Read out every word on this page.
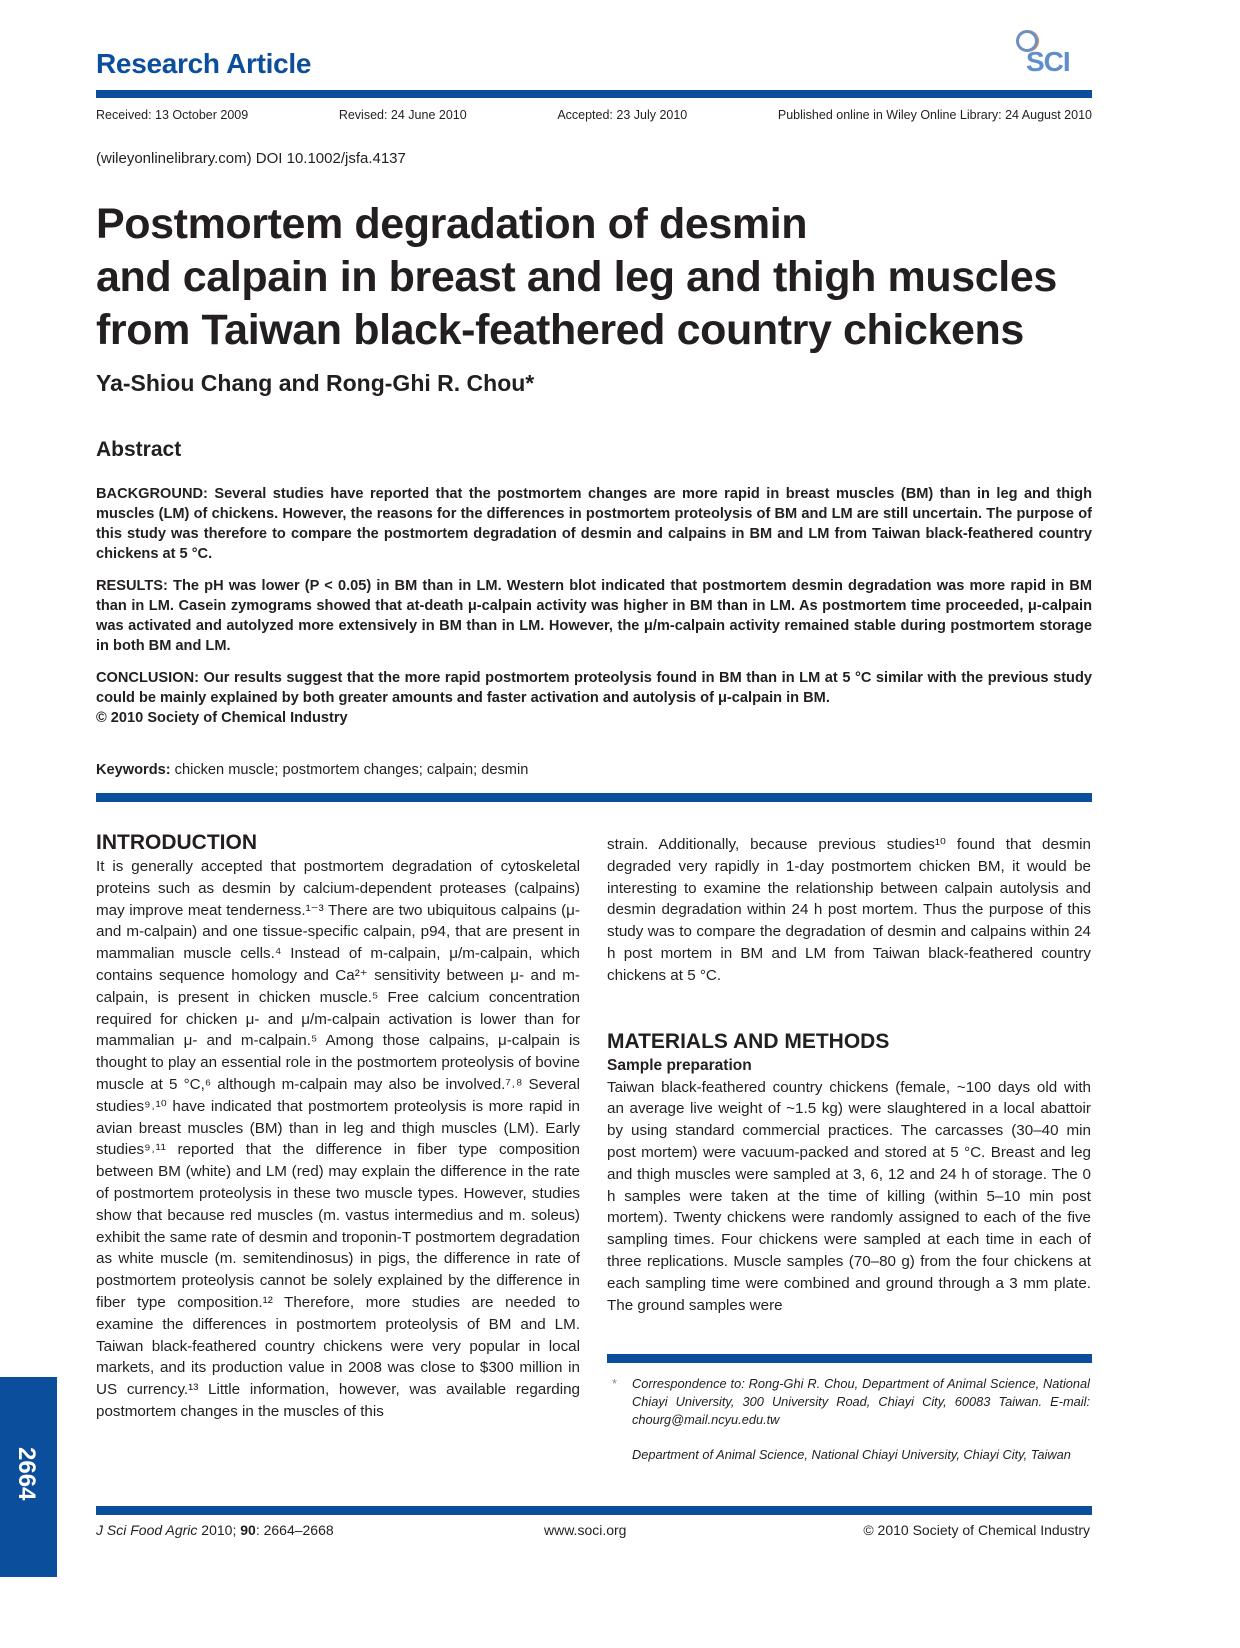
Research Article	SCI
Received: 13 October 2009	Revised: 24 June 2010	Accepted: 23 July 2010	Published online in Wiley Online Library: 24 August 2010
(wileyonlinelibrary.com) DOI 10.1002/jsfa.4137
Postmortem degradation of desmin
and calpain in breast and leg and thigh muscles
from Taiwan black-feathered country chickens
Ya-Shiou Chang and Rong-Ghi R. Chou*
Abstract

BACKGROUND: Several studies have reported that the postmortem changes are more rapid in breast muscles (BM) than in leg and thigh muscles (LM) of chickens. However, the reasons for the differences in postmortem proteolysis of BM and LM are still uncertain. The purpose of this study was therefore to compare the postmortem degradation of desmin and calpains in BM and LM from Taiwan black-feathered country chickens at 5 °C.

RESULTS: The pH was lower (P < 0.05) in BM than in LM. Western blot indicated that postmortem desmin degradation was more rapid in BM than in LM. Casein zymograms showed that at-death μ-calpain activity was higher in BM than in LM. As postmortem time proceeded, μ-calpain was activated and autolyzed more extensively in BM than in LM. However, the μ/m-calpain activity remained stable during postmortem storage in both BM and LM.

CONCLUSION: Our results suggest that the more rapid postmortem proteolysis found in BM than in LM at 5 °C similar with the previous study could be mainly explained by both greater amounts and faster activation and autolysis of μ-calpain in BM.

© 2010 Society of Chemical Industry

Keywords: chicken muscle; postmortem changes; calpain; desmin
INTRODUCTION

It is generally accepted that postmortem degradation of cytoskeletal proteins such as desmin by calcium-dependent proteases (calpains) may improve meat tenderness.¹⁻³ There are two ubiquitous calpains (μ- and m-calpain) and one tissue-specific calpain, p94, that are present in mammalian muscle cells.⁴ Instead of m-calpain, μ/m-calpain, which contains sequence homology and Ca²⁺ sensitivity between μ- and m-calpain, is present in chicken muscle.⁵ Free calcium concentration required for chicken μ- and μ/m-calpain activation is lower than for mammalian μ- and m-calpain.⁵ Among those calpains, μ-calpain is thought to play an essential role in the postmortem proteolysis of bovine muscle at 5 °C,⁶ although m-calpain may also be involved.⁷˒⁸ Several studies⁹˒¹⁰ have indicated that postmortem proteolysis is more rapid in avian breast muscles (BM) than in leg and thigh muscles (LM). Early studies⁹˒¹¹ reported that the difference in fiber type composition between BM (white) and LM (red) may explain the difference in the rate of postmortem proteolysis in these two muscle types. However, studies show that because red muscles (m. vastus intermedius and m. soleus) exhibit the same rate of desmin and troponin-T postmortem degradation as white muscle (m. semitendinosus) in pigs, the difference in rate of postmortem proteolysis cannot be solely explained by the difference in fiber type composition.¹² Therefore, more studies are needed to examine the differences in postmortem proteolysis of BM and LM. Taiwan black-feathered country chickens were very popular in local markets, and its production value in 2008 was close to $300 million in US currency.¹³ Little information, however, was available regarding postmortem changes in the muscles of this

strain. Additionally, because previous studies¹⁰ found that desmin degraded very rapidly in 1-day postmortem chicken BM, it would be interesting to examine the relationship between calpain autolysis and desmin degradation within 24 h post mortem. Thus the purpose of this study was to compare the degradation of desmin and calpains within 24 h post mortem in BM and LM from Taiwan black-feathered country chickens at 5 °C.

MATERIALS AND METHODS
Sample preparation

Taiwan black-feathered country chickens (female, ~100 days old with an average live weight of ~1.5 kg) were slaughtered in a local abattoir by using standard commercial practices. The carcasses (30–40 min post mortem) were vacuum-packed and stored at 5 °C. Breast and leg and thigh muscles were sampled at 3, 6, 12 and 24 h of storage. The 0 h samples were taken at the time of killing (within 5–10 min post mortem). Twenty chickens were randomly assigned to each of the five sampling times. Four chickens were sampled at each time in each of three replications. Muscle samples (70–80 g) from the four chickens at each sampling time were combined and ground through a 3 mm plate. The ground samples were

* Correspondence to: Rong-Ghi R. Chou, Department of Animal Science, National Chiayi University, 300 University Road, Chiayi City, 60083 Taiwan. E-mail: chourg@mail.ncyu.edu.tw
Department of Animal Science, National Chiayi University, Chiayi City, Taiwan
2664
J Sci Food Agric 2010; 90: 2664–2668	www.soci.org	© 2010 Society of Chemical Industry
